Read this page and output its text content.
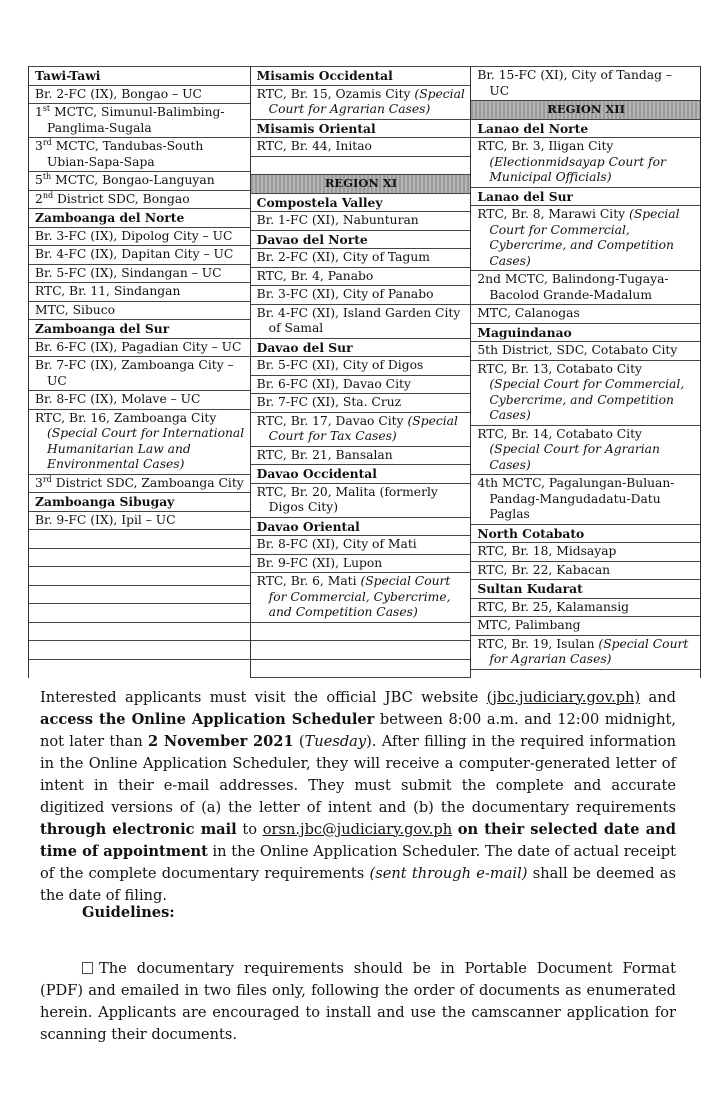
Tawi-Tawi
Br. 2-FC (IX), Bongao – UC
1st MCTC, Simunul-Balimbing-Panglima-Sugala
3rd MCTC, Tandubas-South Ubian-Sapa-Sapa
5th MCTC, Bongao-Languyan
2nd District SDC, Bongao
Zamboanga del Norte
Br. 3-FC (IX), Dipolog City – UC
Br. 4-FC (IX), Dapitan City – UC
Br. 5-FC (IX), Sindangan – UC
RTC, Br. 11, Sindangan
MTC, Sibuco
Zamboanga del Sur
Br. 6-FC (IX), Pagadian City – UC
Br. 7-FC (IX), Zamboanga City – UC
Br. 8-FC (IX), Molave – UC
RTC, Br. 16, Zamboanga City (Special Court for International Humanitarian Law and Environmental Cases)
3rd District SDC, Zamboanga City
Zamboanga Sibugay
Br. 9-FC (IX), Ipil – UC

Misamis Occidental
RTC, Br. 15, Ozamis City (Special Court for Agrarian Cases)
Misamis Oriental
RTC, Br. 44, Initao

REGION XI
Compostela Valley
Br. 1-FC (XI), Nabunturan
Davao del Norte
Br. 2-FC (XI), City of Tagum
RTC, Br. 4, Panabo
Br. 3-FC (XI), City of Panabo
Br. 4-FC (XI), Island Garden City of Samal
Davao del Sur
Br. 5-FC (XI), City of Digos
Br. 6-FC (XI), Davao City
Br. 7-FC (XI), Sta. Cruz
RTC, Br. 17, Davao City (Special Court for Tax Cases)
RTC, Br. 21, Bansalan
Davao Occidental
RTC, Br. 20, Malita (formerly Digos City)
Davao Oriental
Br. 8-FC (XI), City of Mati
Br. 9-FC (XI), Lupon
RTC, Br. 6, Mati (Special Court for Commercial, Cybercrime, and Competition Cases)

Br. 15-FC (XI), City of Tandag – UC
REGION XII
Lanao del Norte
RTC, Br. 3, Iligan City (Electionmidsayap Court for Municipal Officials)
Lanao del Sur
RTC, Br. 8, Marawi City (Special Court for Commercial, Cybercrime, and Competition Cases)
2nd MCTC, Balindong-Tugaya-Bacolod Grande-Madalum
MTC, Calanogas
Maguindanao
5th District, SDC, Cotabato City
RTC, Br. 13, Cotabato City (Special Court for Commercial, Cybercrime, and Competition Cases)
RTC, Br. 14, Cotabato City (Special Court for Agrarian Cases)
4th MCTC, Pagalungan-Buluan-Pandag-Mangudadatu-Datu Paglas
North Cotabato
RTC, Br. 18, Midsayap
RTC, Br. 22, Kabacan
Sultan Kudarat
RTC, Br. 25, Kalamansig
MTC, Palimbang
RTC, Br. 19, Isulan (Special Court for Agrarian Cases)

Interested applicants must visit the official JBC website (jbc.judiciary.gov.ph) and access the Online Application Scheduler between 8:00 a.m. and 12:00 midnight, not later than 2 November 2021 (Tuesday). After filling in the required information in the Online Application Scheduler, they will receive a computer-generated letter of intent in their e-mail addresses. They must submit the complete and accurate digitized versions of (a) the letter of intent and (b) the documentary requirements through electronic mail to orsn.jbc@judiciary.gov.ph on their selected date and time of appointment in the Online Application Scheduler. The date of actual receipt of the complete documentary requirements (sent through e-mail) shall be deemed as the date of filing.

Guidelines:

The documentary requirements should be in Portable Document Format (PDF) and emailed in two files only, following the order of documents as enumerated herein. Applicants are encouraged to install and use the camscanner application for scanning their documents.
